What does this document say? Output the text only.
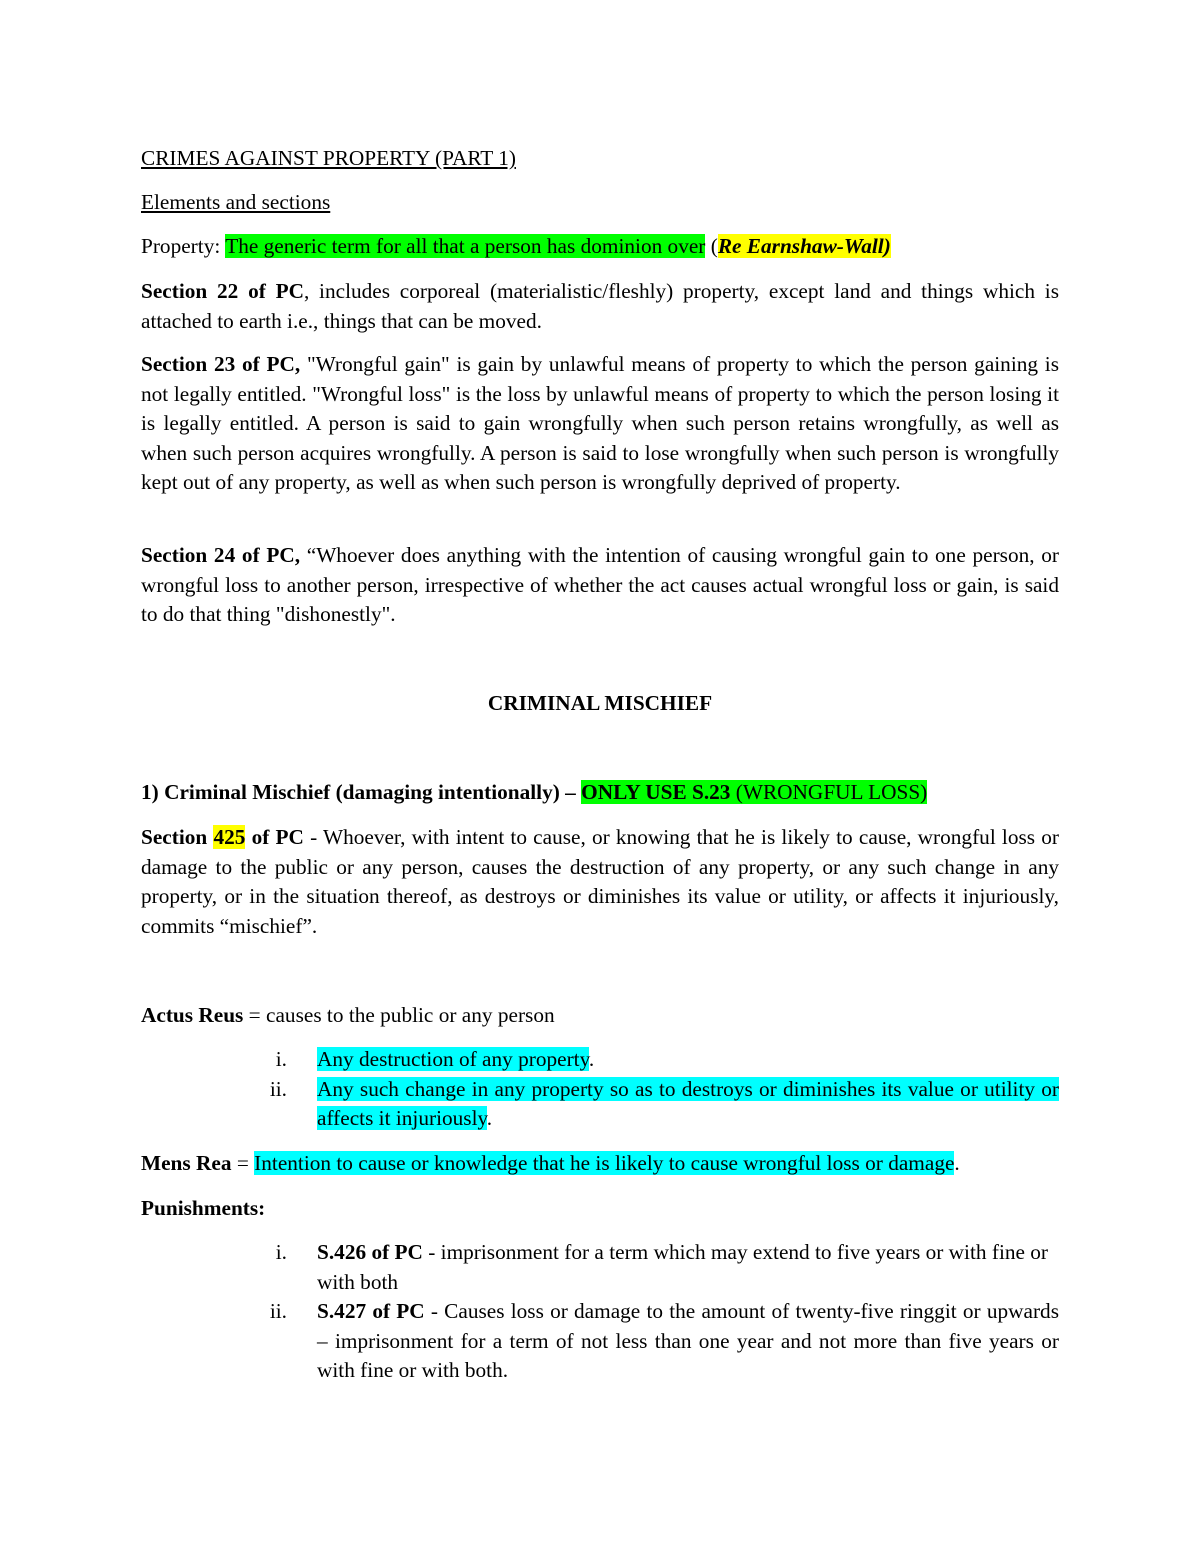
CRIMES AGAINST PROPERTY (PART 1)

Elements and sections

Property: The generic term for all that a person has dominion over (Re Earnshaw-Wall)

Section 22 of PC, includes corporeal (materialistic/fleshly) property, except land and things which is attached to earth i.e., things that can be moved.

Section 23 of PC, "Wrongful gain" is gain by unlawful means of property to which the person gaining is not legally entitled. "Wrongful loss" is the loss by unlawful means of property to which the person losing it is legally entitled. A person is said to gain wrongfully when such person retains wrongfully, as well as when such person acquires wrongfully. A person is said to lose wrongfully when such person is wrongfully kept out of any property, as well as when such person is wrongfully deprived of property.

Section 24 of PC, “Whoever does anything with the intention of causing wrongful gain to one person, or wrongful loss to another person, irrespective of whether the act causes actual wrongful loss or gain, is said to do that thing "dishonestly".

CRIMINAL MISCHIEF

1) Criminal Mischief (damaging intentionally) – ONLY USE S.23 (WRONGFUL LOSS)

Section 425 of PC - Whoever, with intent to cause, or knowing that he is likely to cause, wrongful loss or damage to the public or any person, causes the destruction of any property, or any such change in any property, or in the situation thereof, as destroys or diminishes its value or utility, or affects it injuriously, commits “mischief”.

Actus Reus = causes to the public or any person

i.	Any destruction of any property.
ii.	Any such change in any property so as to destroys or diminishes its value or utility or affects it injuriously.

Mens Rea = Intention to cause or knowledge that he is likely to cause wrongful loss or damage.

Punishments:

i.	S.426 of PC - imprisonment for a term which may extend to five years or with fine or with both
ii.	S.427 of PC - Causes loss or damage to the amount of twenty-five ringgit or upwards – imprisonment for a term of not less than one year and not more than five years or with fine or with both.
